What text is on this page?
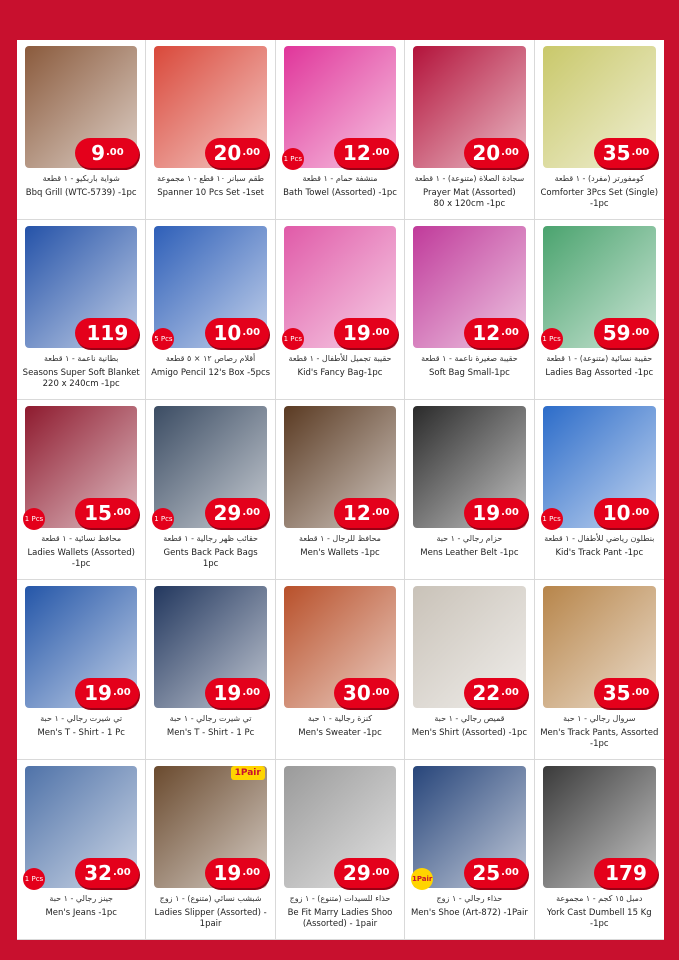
9 .00
شواية باربكيو - ١ قطعة
Bbq Grill (WTC-5739) -1pc
20 .00
طقم سبانر ١٠ قطع - ١ مجموعة
Spanner 10 Pcs Set -1set
1 Pcs 12 .00
منشفة حمام - ١ قطعة
Bath Towel (Assorted) -1pc
20 .00
سجادة الصلاة (متنوعة) - ١ قطعة
Prayer Mat (Assorted)
80 x 120cm -1pc
35 .00
كومفورتر (مفرد) - ١ قطعة
Comforter 3Pcs Set (Single) -1pc
119
بطانية ناعمة - ١ قطعة
Seasons Super Soft Blanket
220 x 240cm -1pc
5 Pcs 10 .00
أقلام رصاص ١٢ × ٥ قطعة
Amigo Pencil 12's Box -5pcs
1 Pcs 19 .00
حقيبة تجميل للأطفال - ١ قطعة
Kid's Fancy Bag-1pc
12 .00
حقيبة صغيرة ناعمة - ١ قطعة
Soft Bag Small-1pc
1 Pcs 59 .00
حقيبة نسائية (متنوعة) - ١ قطعة
Ladies Bag Assorted -1pc
1 Pcs 15 .00
محافظ نسائية - ١ قطعة
Ladies Wallets (Assorted) -1pc
1 Pcs 29 .00
حقائب ظهر رجالية - ١ قطعة
Gents Back Pack Bags
1pc
12 .00
محافظ للرجال - ١ قطعة
Men's Wallets -1pc
19 .00
حزام رجالي - ١ حبة
Mens Leather Belt -1pc
1 Pcs 10 .00
بنطلون رياضي للأطفال - ١ قطعة
Kid's Track Pant -1pc
19 .00
تي شيرت رجالي - ١ حبة
Men's T - Shirt - 1 Pc
19 .00
تي شيرت رجالي - ١ حبة
Men's T - Shirt - 1 Pc
30 .00
كنزة رجالية - ١ حبة
Men's Sweater -1pc
22 .00
قميص رجالي - ١ حبة
Men's Shirt (Assorted) -1pc
35 .00
سروال رجالي - ١ حبة
Men's Track Pants, Assorted -1pc
1 Pcs 32 .00
جينز رجالي - ١ حبة
Men's Jeans -1pc
1Pair
19 .00
شبشب نسائي (متنوع) - ١ زوج
Ladies Slipper (Assorted) - 1pair
29 .00
حذاء للسيدات (متنوع) - ١ زوج
Be Fit Marry Ladies Shoo
(Assorted) - 1pair
1Pair 25 .00
حذاء رجالي - ١ زوج
Men's Shoe (Art-872) -1Pair
179
دمبل ١٥ كجم - ١ مجموعة
York Cast Dumbell 15 Kg -1pc
